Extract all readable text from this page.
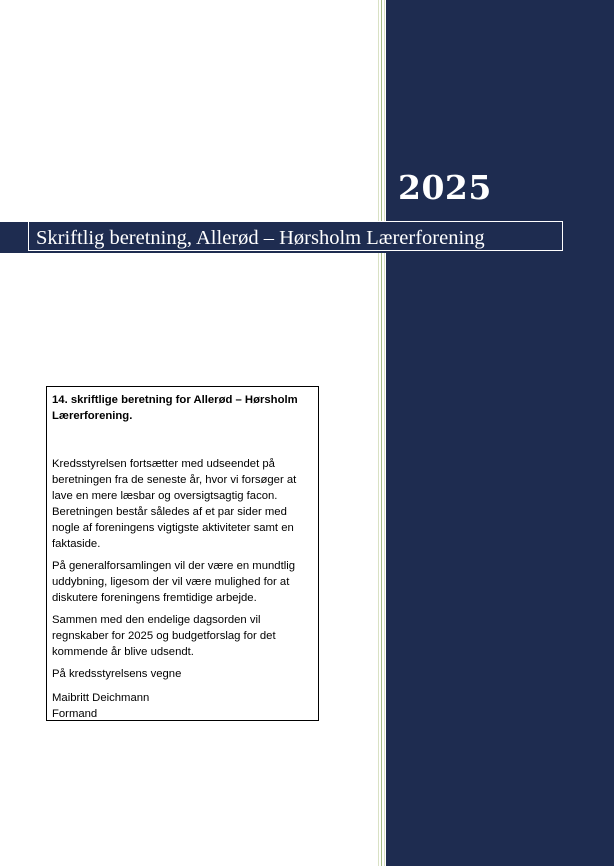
2025
Skriftlig beretning, Allerød – Hørsholm Lærerforening

14. skriftlige beretning for Allerød – Hørsholm Lærerforening.

Kredsstyrelsen fortsætter med udseendet på beretningen fra de seneste år, hvor vi forsøger at lave en mere læsbar og oversigtsagtig facon. Beretningen består således af et par sider med nogle af foreningens vigtigste aktiviteter samt en faktaside.

På generalforsamlingen vil der være en mundtlig uddybning, ligesom der vil være mulighed for at diskutere foreningens fremtidige arbejde.

Sammen med den endelige dagsorden vil regnskaber for 2025 og budgetforslag for det kommende år blive udsendt.

På kredsstyrelsens vegne

Maibritt Deichmann

Formand
